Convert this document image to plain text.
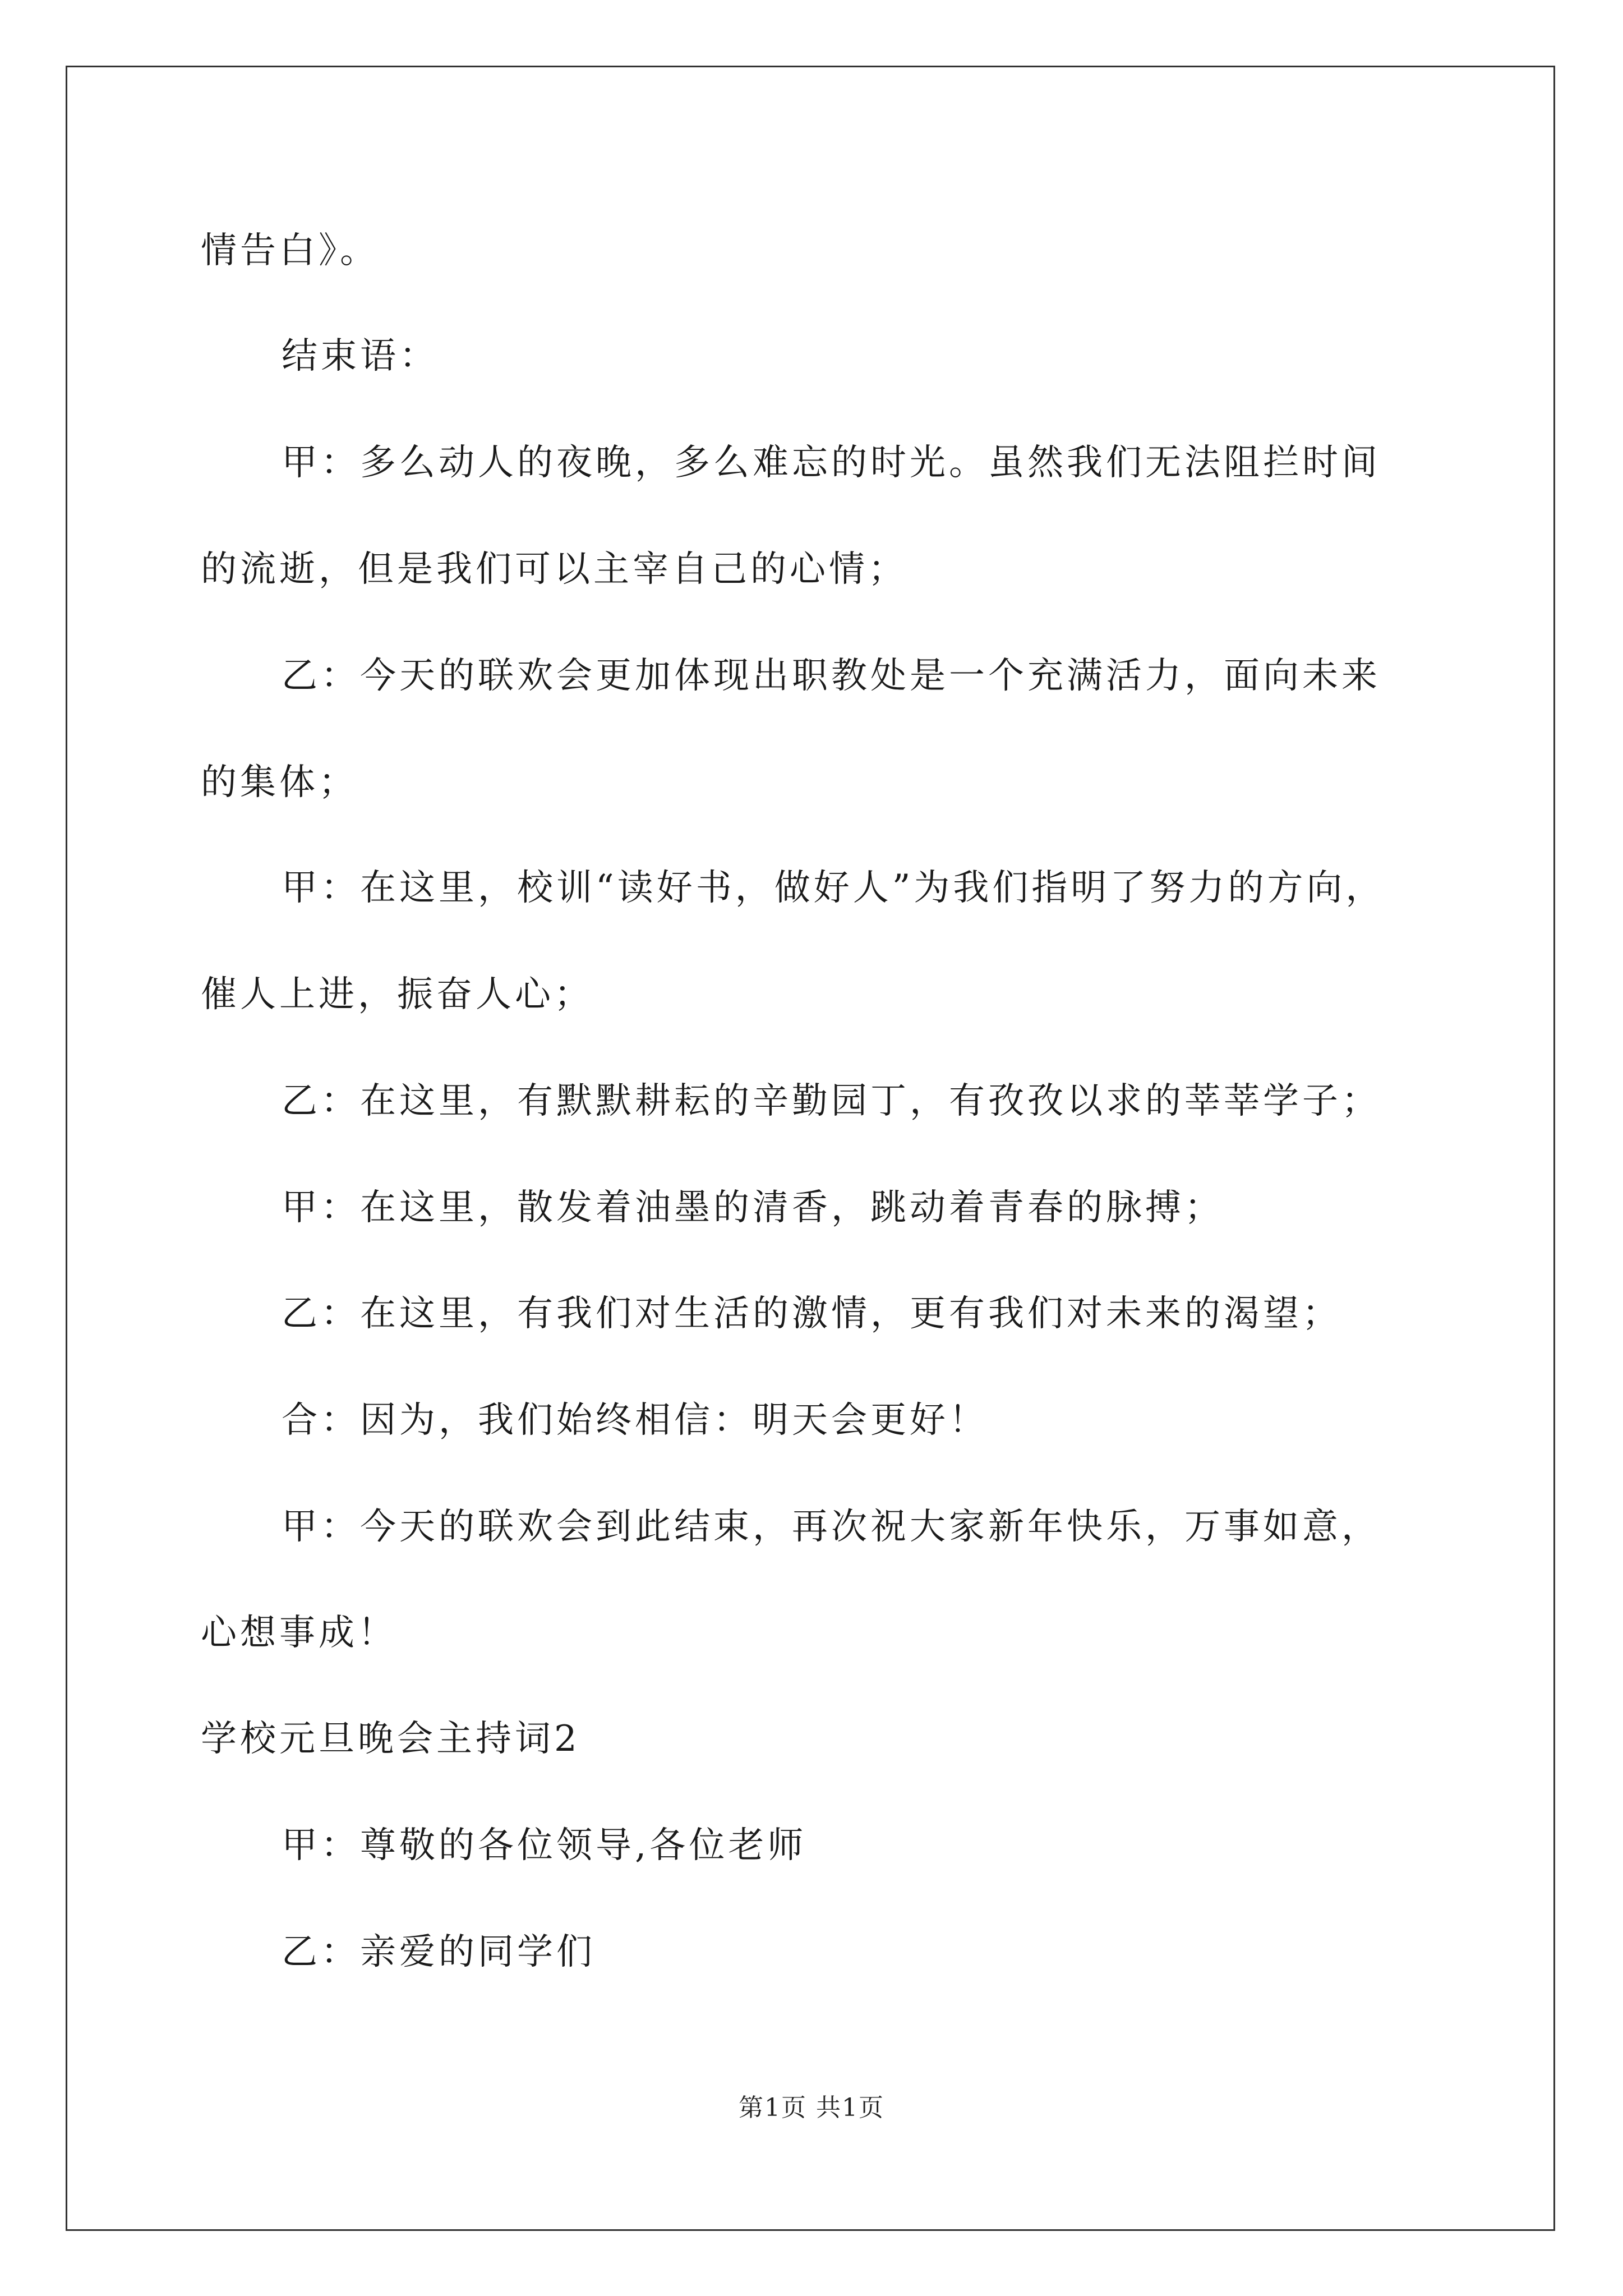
情告白》。
结束语：
甲：多么动人的夜晚，多么难忘的时光。虽然我们无法阻拦时间
的流逝，但是我们可以主宰自己的心情；
乙：今天的联欢会更加体现出职教处是一个充满活力，面向未来
的集体；
甲：在这里，校训“读好书，做好人”为我们指明了努力的方向，
催人上进，振奋人心；
乙：在这里，有默默耕耘的辛勤园丁，有孜孜以求的莘莘学子；
甲：在这里，散发着油墨的清香，跳动着青春的脉搏；
乙：在这里，有我们对生活的激情，更有我们对未来的渴望；
合：因为，我们始终相信：明天会更好！
甲：今天的联欢会到此结束，再次祝大家新年快乐，万事如意，
心想事成！
学校元旦晚会主持词2
甲：尊敬的各位领导,各位老师
乙：亲爱的同学们
第1页 共1页
